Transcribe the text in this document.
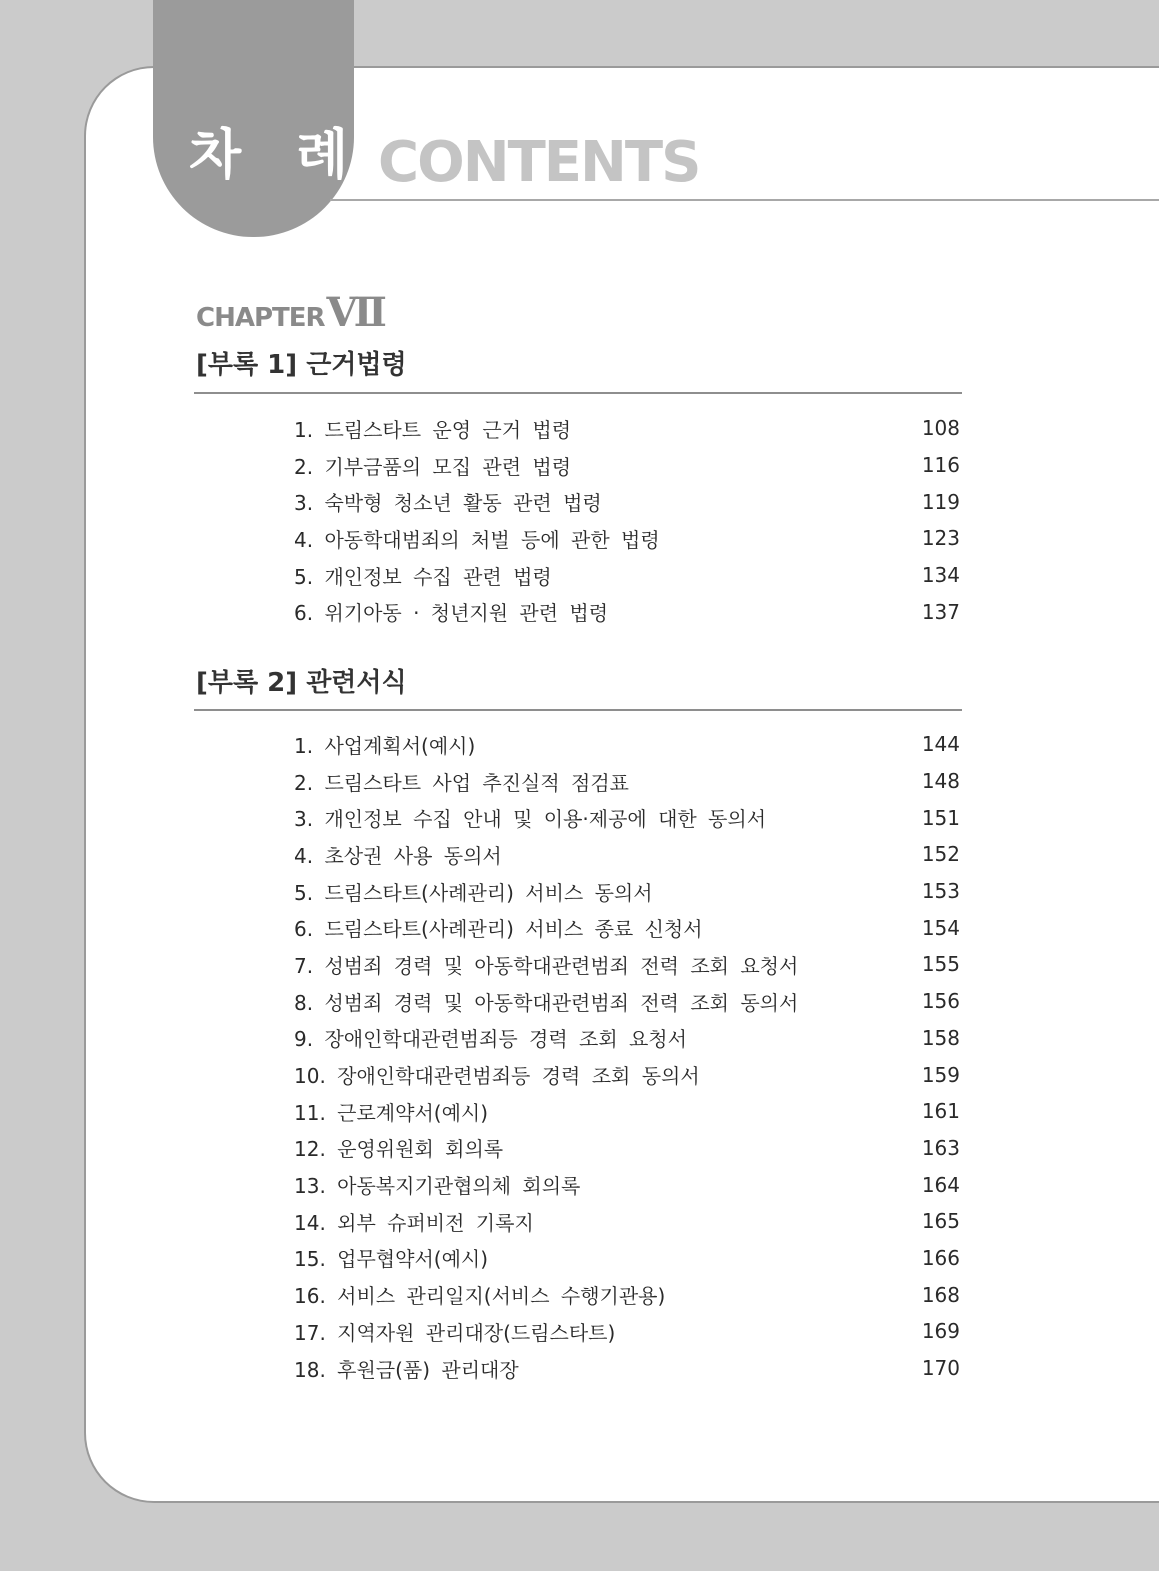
차 례 CONTENTS
CHAPTERVII
[부록 1] 근거법령
1. 드림스타트 운영 근거 법령	108
2. 기부금품의 모집 관련 법령	116
3. 숙박형 청소년 활동 관련 법령	119
4. 아동학대범죄의 처벌 등에 관한 법령	123
5. 개인정보 수집 관련 법령	134
6. 위기아동 · 청년지원 관련 법령	137
[부록 2] 관련서식
1. 사업계획서(예시)	144
2. 드림스타트 사업 추진실적 점검표	148
3. 개인정보 수집 안내 및 이용·제공에 대한 동의서	151
4. 초상권 사용 동의서	152
5. 드림스타트(사례관리) 서비스 동의서	153
6. 드림스타트(사례관리) 서비스 종료 신청서	154
7. 성범죄 경력 및 아동학대관련범죄 전력 조회 요청서	155
8. 성범죄 경력 및 아동학대관련범죄 전력 조회 동의서	156
9. 장애인학대관련범죄등 경력 조회 요청서	158
10. 장애인학대관련범죄등 경력 조회 동의서	159
11. 근로계약서(예시)	161
12. 운영위원회 회의록	163
13. 아동복지기관협의체 회의록	164
14. 외부 슈퍼비전 기록지	165
15. 업무협약서(예시)	166
16. 서비스 관리일지(서비스 수행기관용)	168
17. 지역자원 관리대장(드림스타트)	169
18. 후원금(품) 관리대장	170
